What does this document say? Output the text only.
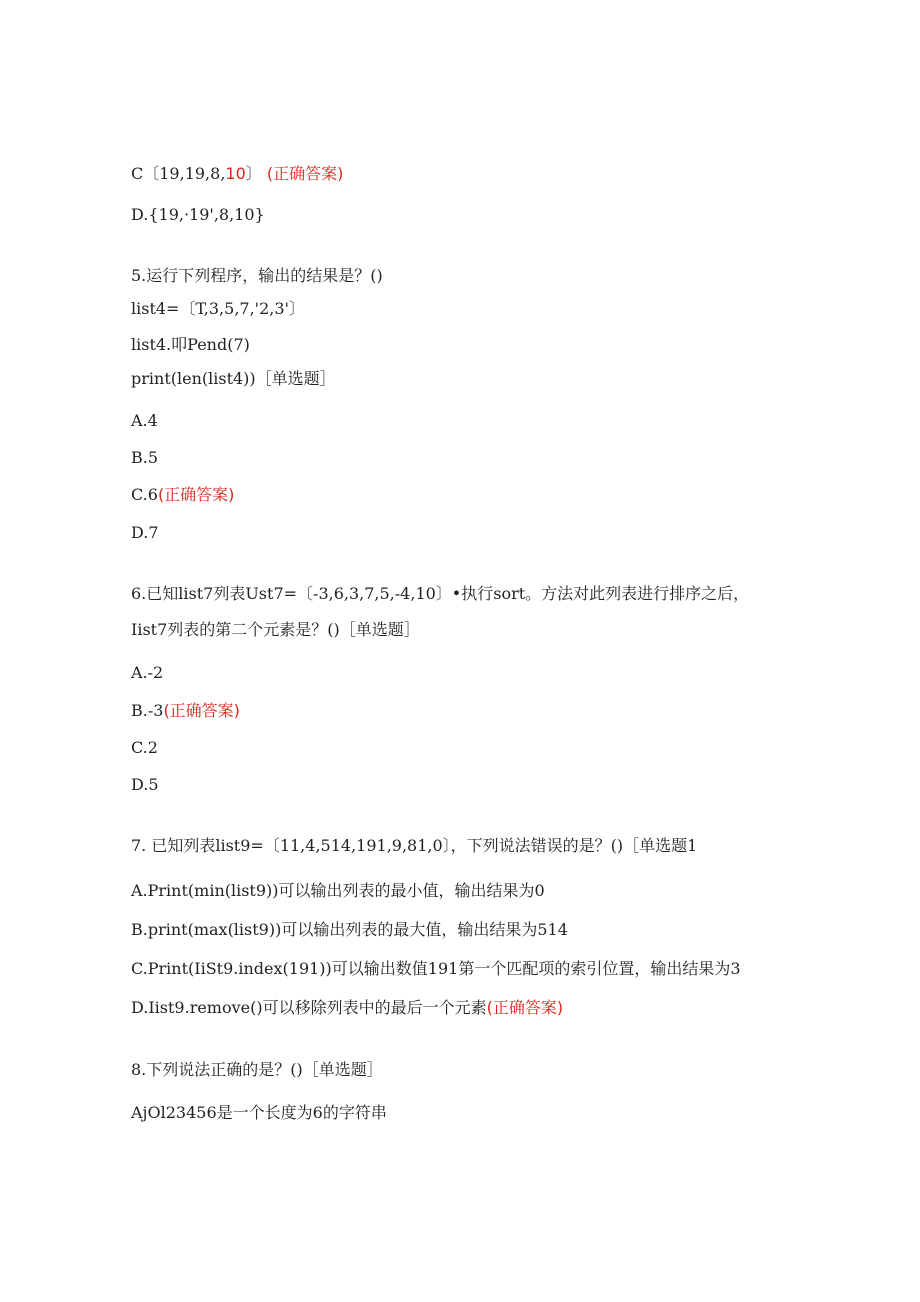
C〔19,19,8,10〕 (正确答案)
D.{19,·19',8,10}
5.运行下列程序，输出的结果是？()
list4=〔T,3,5,7,'2,3'〕
list4.叩Pend(7)
print(len(list4))［单选题］
A.4
B.5
C.6(正确答案)
D.7
6.已知list7列表Ust7=〔-3,6,3,7,5,-4,10〕•执行sort。方法对此列表进行排序之后，
Iist7列表的第二个元素是？()［单选题］
A.-2
B.-3(正确答案)
C.2
D.5
7. 已知列表list9=〔11,4,514,191,9,81,0〕，下列说法错误的是？()［单选题1
A.Print(min(list9))可以输出列表的最小值，输出结果为0
B.print(max(list9))可以输出列表的最大值，输出结果为514
C.Print(IiSt9.index(191))可以输出数值191第一个匹配项的索引位置，输出结果为3
D.Iist9.remove()可以移除列表中的最后一个元素(正确答案)
8.下列说法正确的是？()［单选题］
AjOl23456是一个长度为6的字符串
